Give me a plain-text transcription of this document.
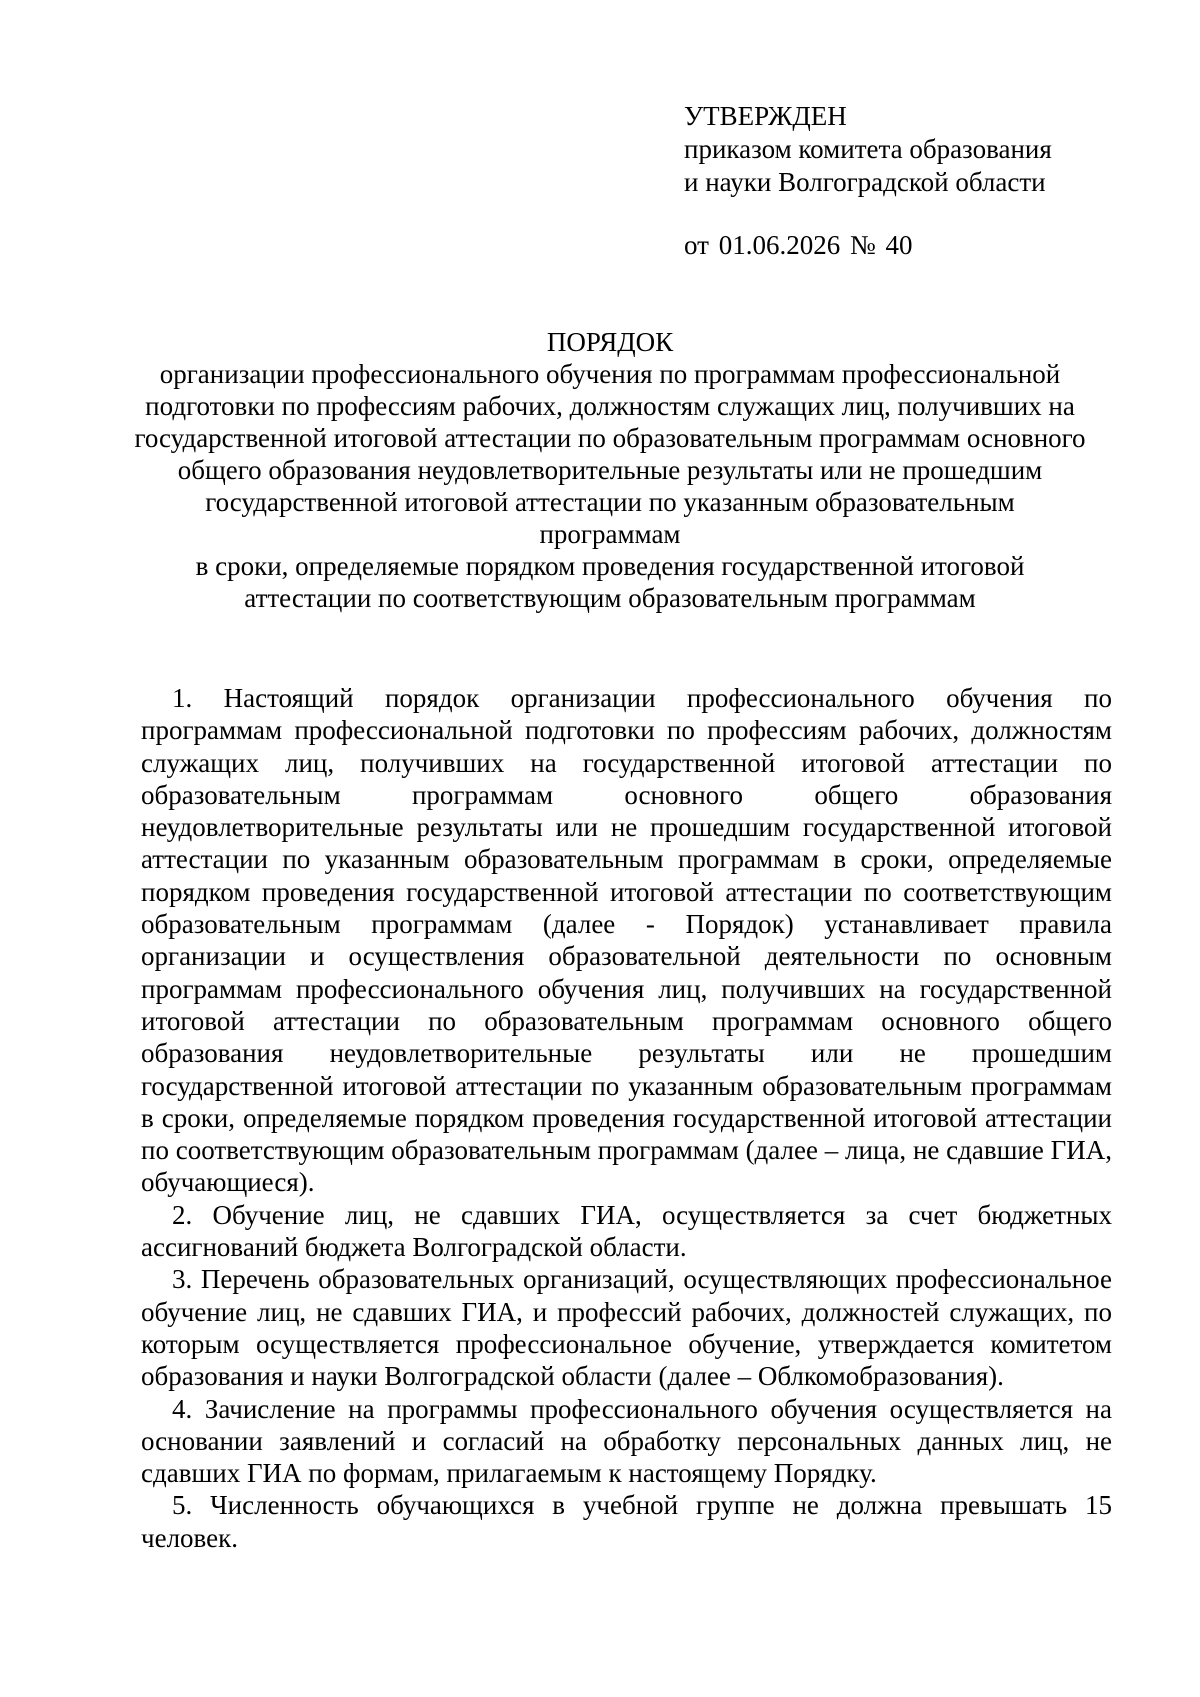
УТВЕРЖДЕН
приказом комитета образования
и науки Волгоградской области
от 01.06.2026 № 40
ПОРЯДОК
организации профессионального обучения по программам профессиональной
подготовки по профессиям рабочих, должностям служащих лиц, получивших на
государственной итоговой аттестации по образовательным программам основного
общего образования неудовлетворительные результаты или не прошедшим
государственной итоговой аттестации по указанным образовательным
программам
в сроки, определяемые порядком проведения государственной итоговой
аттестации по соответствующим образовательным программам

1. Настоящий порядок организации профессионального обучения по программам профессиональной подготовки по профессиям рабочих, должностям служащих лиц, получивших на государственной итоговой аттестации по образовательным программам основного общего образования неудовлетворительные результаты или не прошедшим государственной итоговой аттестации по указанным образовательным программам в сроки, определяемые порядком проведения государственной итоговой аттестации по соответствующим образовательным программам (далее - Порядок) устанавливает правила организации и осуществления образовательной деятельности по основным программам профессионального обучения лиц, получивших на государственной итоговой аттестации по образовательным программам основного общего образования неудовлетворительные результаты или не прошедшим государственной итоговой аттестации по указанным образовательным программам в сроки, определяемые порядком проведения государственной итоговой аттестации по соответствующим образовательным программам (далее – лица, не сдавшие ГИА, обучающиеся).

2. Обучение лиц, не сдавших ГИА, осуществляется за счет бюджетных ассигнований бюджета Волгоградской области.

3. Перечень образовательных организаций, осуществляющих профессиональное обучение лиц, не сдавших ГИА, и профессий рабочих, должностей служащих, по которым осуществляется профессиональное обучение, утверждается комитетом образования и науки Волгоградской области (далее – Облкомобразования).

4. Зачисление на программы профессионального обучения осуществляется на основании заявлений и согласий на обработку персональных данных лиц, не сдавших ГИА по формам, прилагаемым к настоящему Порядку.

5. Численность обучающихся в учебной группе не должна превышать 15 человек.
